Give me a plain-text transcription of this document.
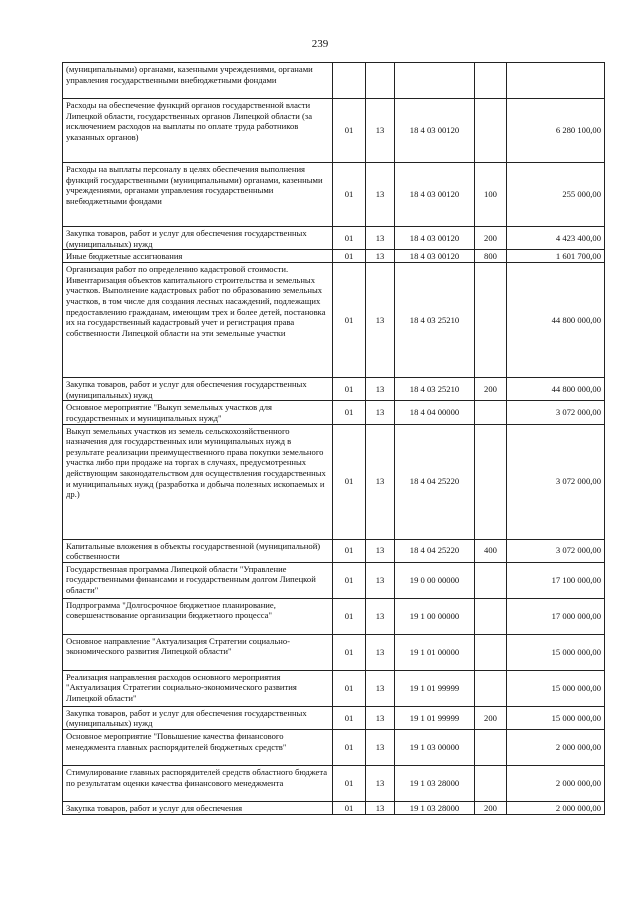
239
(муниципальными) органами, казенными учреждениями, органами управления государственными внебюджетными фондами					
Расходы на обеспечение функций органов государственной власти Липецкой области, государственных органов Липецкой области (за исключением расходов на выплаты по оплате труда работников указанных органов)	01	13	18 4 03 00120		6 280 100,00
Расходы на выплаты персоналу в целях обеспечения выполнения функций государственными (муниципальными) органами, казенными учреждениями, органами управления государственными внебюджетными фондами	01	13	18 4 03 00120	100	255 000,00
Закупка товаров, работ и услуг для обеспечения государственных (муниципальных) нужд	01	13	18 4 03 00120	200	4 423 400,00
Иные бюджетные ассигнования	01	13	18 4 03 00120	800	1 601 700,00
Организация работ по определению кадастровой стоимости. Инвентаризация объектов капитального строительства и земельных участков. Выполнение кадастровых работ по образованию земельных участков, в том числе для создания лесных насаждений, подлежащих предоставлению гражданам, имеющим трех и более детей, постановка их на государственный кадастровый учет и регистрация права собственности Липецкой области на эти земельные участки	01	13	18 4 03 25210		44 800 000,00
Закупка товаров, работ и услуг для обеспечения государственных (муниципальных) нужд	01	13	18 4 03 25210	200	44 800 000,00
Основное мероприятие "Выкуп земельных участков для государственных и муниципальных нужд"	01	13	18 4 04 00000		3 072 000,00
Выкуп земельных участков из земель сельскохозяйственного назначения для государственных или муниципальных нужд в результате реализации преимущественного права покупки земельного участка либо при продаже на торгах в случаях, предусмотренных действующим законодательством для осуществления государственных и муниципальных нужд (разработка и добыча полезных ископаемых и др.)	01	13	18 4 04 25220		3 072 000,00
Капитальные вложения в объекты государственной (муниципальной) собственности	01	13	18 4 04 25220	400	3 072 000,00
Государственная программа Липецкой области "Управление государственными финансами и государственным долгом Липецкой области"	01	13	19 0 00 00000		17 100 000,00
Подпрограмма "Долгосрочное бюджетное планирование, совершенствование организации бюджетного процесса"	01	13	19 1 00 00000		17 000 000,00
Основное направление "Актуализация Стратегии социально-экономического развития Липецкой области"	01	13	19 1 01 00000		15 000 000,00
Реализация направления расходов основного мероприятия "Актуализация Стратегии социально-экономического развития Липецкой области"	01	13	19 1 01 99999		15 000 000,00
Закупка товаров, работ и услуг для обеспечения государственных (муниципальных) нужд	01	13	19 1 01 99999	200	15 000 000,00
Основное мероприятие "Повышение качества финансового менеджмента главных распорядителей бюджетных средств"	01	13	19 1 03 00000		2 000 000,00
Стимулирование главных распорядителей средств областного бюджета по результатам оценки качества финансового менеджмента	01	13	19 1 03 28000		2 000 000,00
Закупка товаров, работ и услуг для обеспечения	01	13	19 1 03 28000	200	2 000 000,00
